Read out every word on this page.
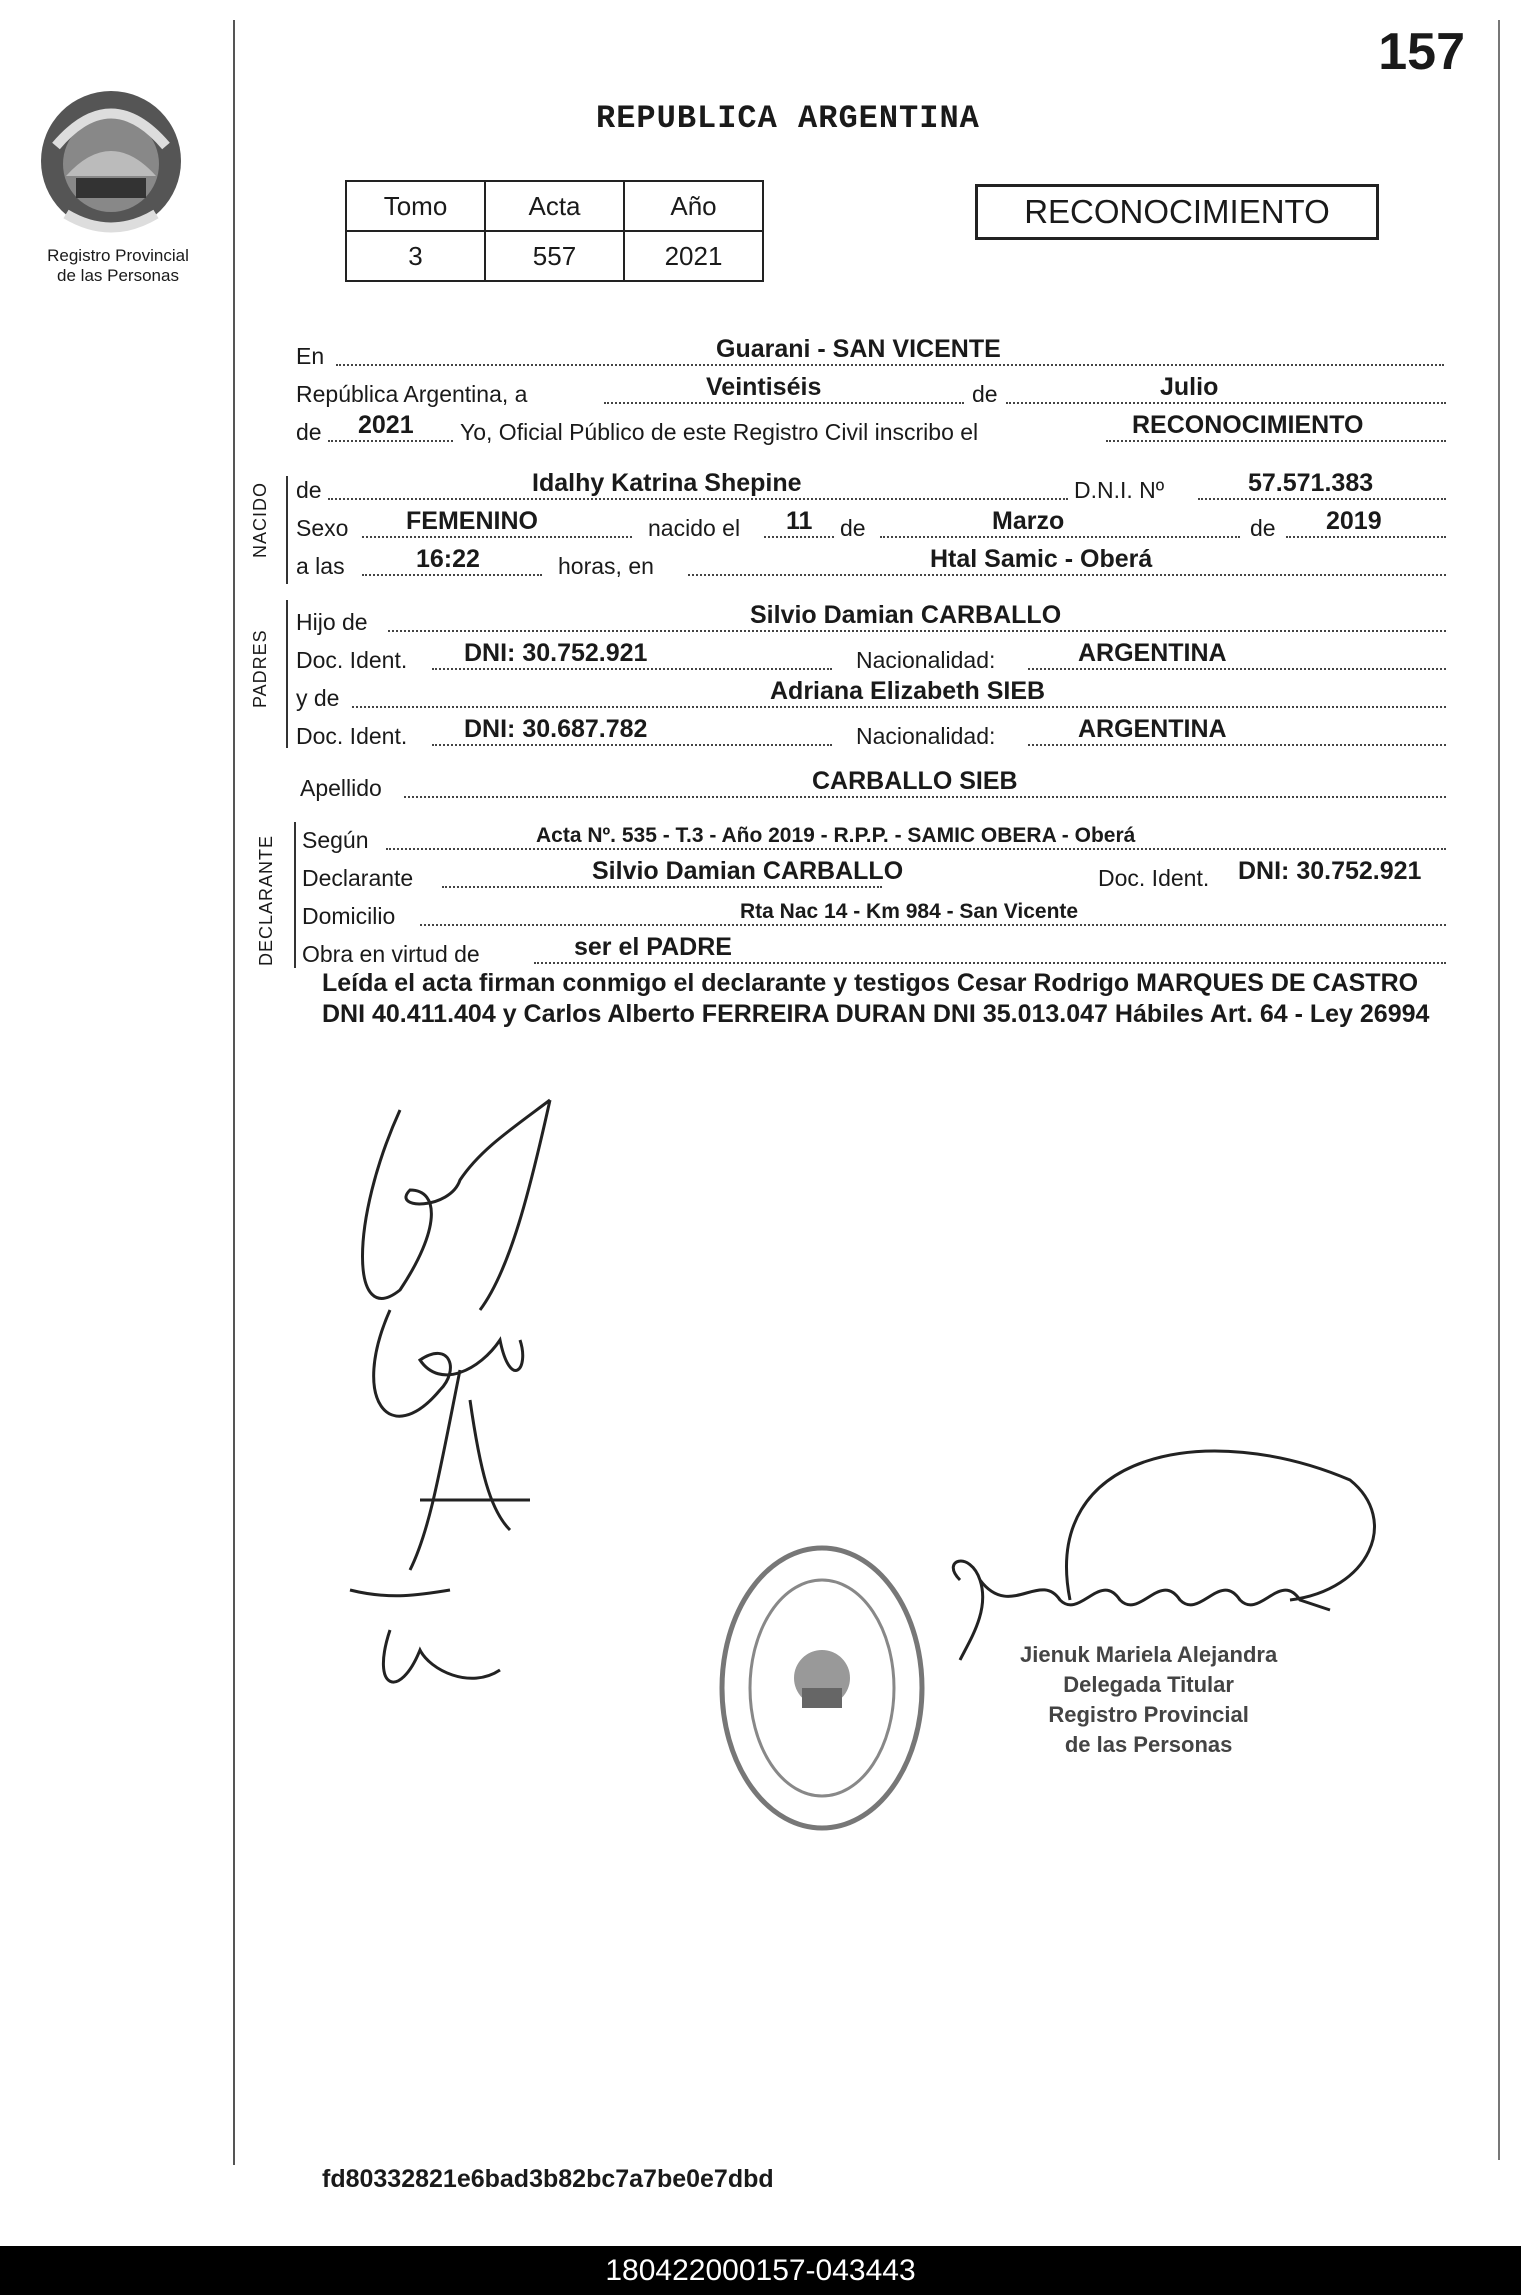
157
Registro Provincial
de las Personas
REPUBLICA ARGENTINA
Tomo	Acta	Año
3	557	2021
RECONOCIMIENTO
En	Guarani - SAN VICENTE
República Argentina, a	Veintiséis	de	Julio
de 2021 Yo, Oficial Público de este Registro Civil inscribo el	RECONOCIMIENTO
de	Idalhy Katrina Shepine	D.N.I. Nº	57.571.383
Sexo FEMENINO	nacido el 11 de	Marzo	de 2019
a las	16:22	horas, en	Htal Samic - Oberá
Hijo de	Silvio Damian CARBALLO
Doc. Ident. DNI: 30.752.921	Nacionalidad:	ARGENTINA
y de	Adriana Elizabeth SIEB
Doc. Ident. DNI: 30.687.782	Nacionalidad:	ARGENTINA
Apellido	CARBALLO SIEB
Según	Acta Nº. 535 - T.3 - Año 2019 - R.P.P. - SAMIC OBERA - Oberá
Declarante	Silvio Damian CARBALLO	Doc. Ident. DNI: 30.752.921
Domicilio	Rta Nac 14 - Km 984 - San Vicente
Obra en virtud de	ser el PADRE
NACIDO
PADRES
DECLARANTE
Leída el acta firman conmigo el declarante y testigos Cesar Rodrigo MARQUES DE CASTRO DNI 40.411.404 y Carlos Alberto FERREIRA DURAN DNI 35.013.047 Hábiles Art. 64 - Ley 26994
Jienuk Mariela Alejandra
Delegada Titular
Registro Provincial
de las Personas
fd80332821e6bad3b82bc7a7be0e7dbd
180422000157-043443
